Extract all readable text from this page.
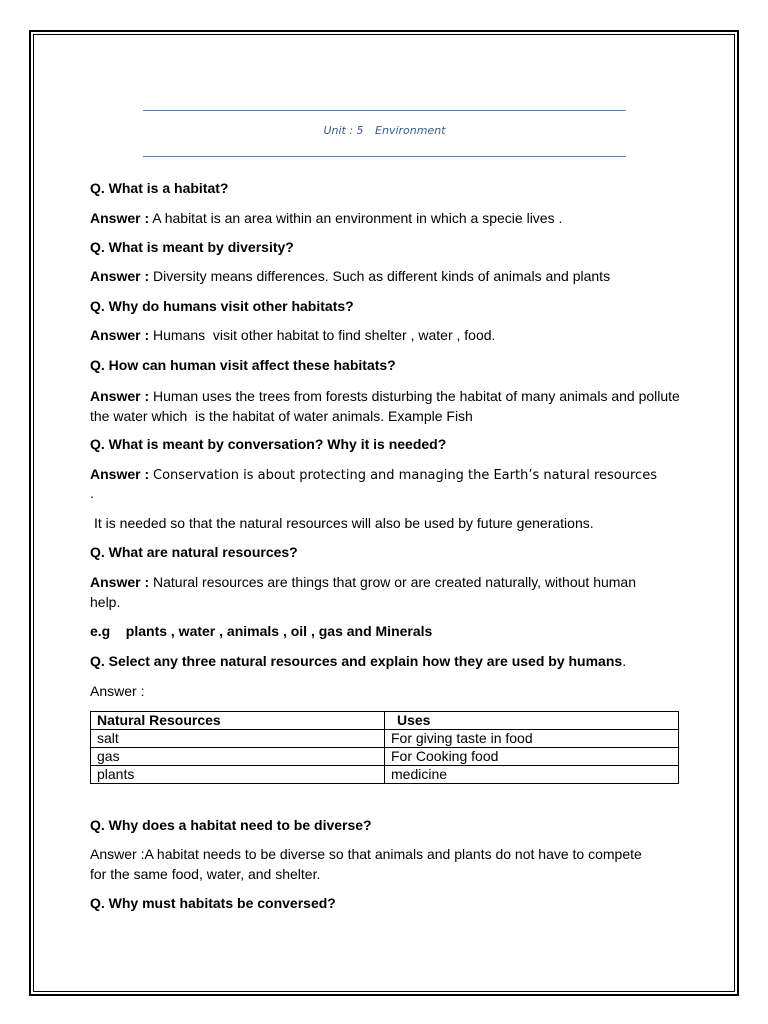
Unit : 5 Environment
Q. What is a habitat?
Answer : A habitat is an area within an environment in which a specie lives .
Q. What is meant by diversity?
Answer : Diversity means differences. Such as different kinds of animals and plants
Q. Why do humans visit other habitats?
Answer : Humans  visit other habitat to find shelter , water , food.
Q. How can human visit affect these habitats?
Answer : Human uses the trees from forests disturbing the habitat of many animals and pollute the water which  is the habitat of water animals. Example Fish
Q. What is meant by conversation? Why it is needed?
Answer : Conservation is about protecting and managing the Earth’s natural resources
.
It is needed so that the natural resources will also be used by future generations.
Q. What are natural resources?
Answer : Natural resources are things that grow or are created naturally, without human help.
e.g    plants , water , animals , oil , gas and Minerals
Q. Select any three natural resources and explain how they are used by humans.
Answer :
Natural Resources	Uses
salt	For giving taste in food
gas	For Cooking food
plants	medicine
Q. Why does a habitat need to be diverse?
Answer :A habitat needs to be diverse so that animals and plants do not have to compete for the same food, water, and shelter.
Q. Why must habitats be conversed?
